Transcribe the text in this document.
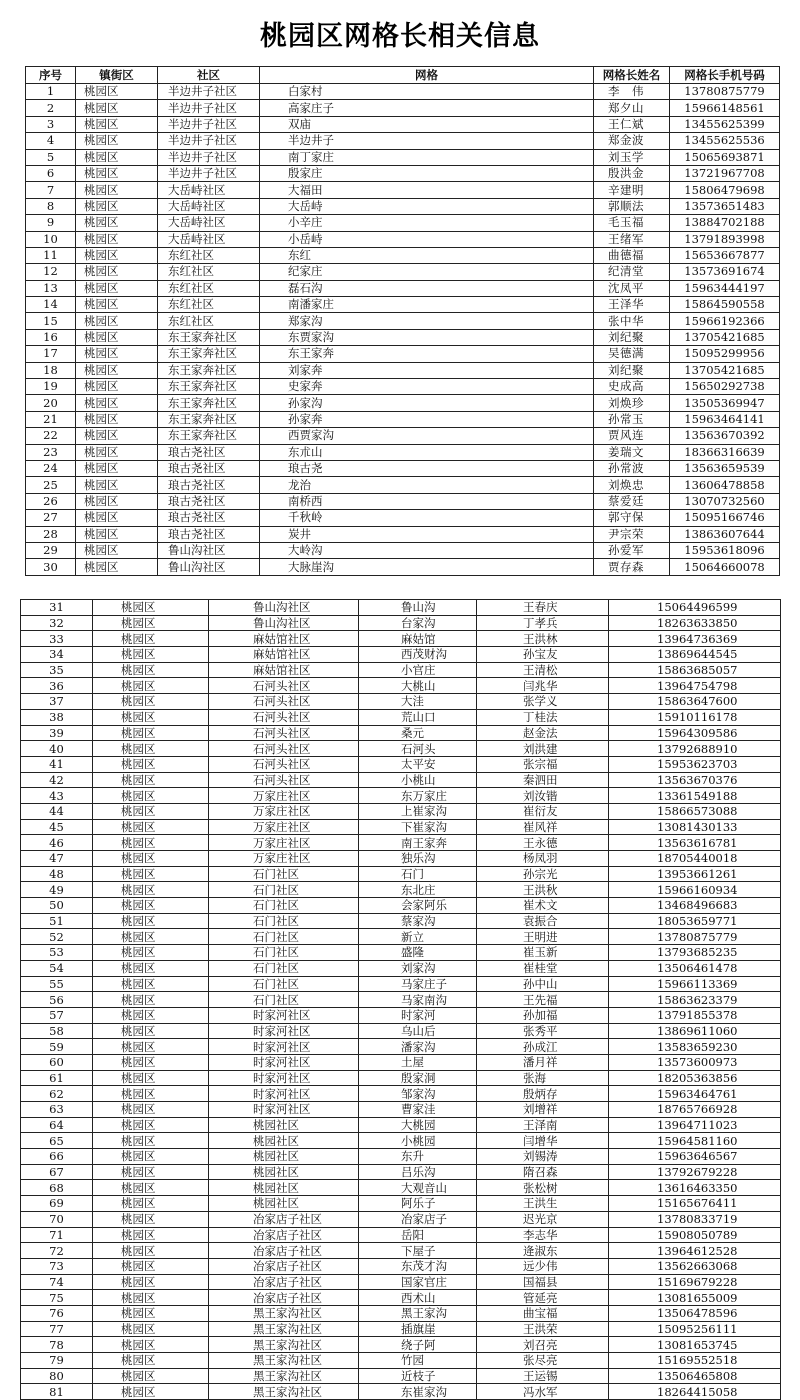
桃园区网格长相关信息
序号	镇街区	社区	网格	网格长姓名	网格长手机号码
1	桃园区	半边井子社区	白家村	李　伟	13780875779
2	桃园区	半边井子社区	高家庄子	郑夕山	15966148561
3	桃园区	半边井子社区	双庙	王仁斌	13455625399
4	桃园区	半边井子社区	半边井子	郑金波	13455625536
5	桃园区	半边井子社区	南丁家庄	刘玉学	15065693871
6	桃园区	半边井子社区	殷家庄	殷洪金	13721967708
7	桃园区	大岳峙社区	大福田	辛建明	15806479698
8	桃园区	大岳峙社区	大岳峙	郭顺法	13573651483
9	桃园区	大岳峙社区	小辛庄	毛玉福	13884702188
10	桃园区	大岳峙社区	小岳峙	王绪军	13791893998
11	桃园区	东红社区	东红	曲德福	15653667877
12	桃园区	东红社区	纪家庄	纪清堂	13573691674
13	桃园区	东红社区	磊石沟	沈凤平	15963444197
14	桃园区	东红社区	南潘家庄	王泽华	15864590558
15	桃园区	东红社区	郑家沟	张中华	15966192366
16	桃园区	东王家奔社区	东贾家沟	刘纪聚	13705421685
17	桃园区	东王家奔社区	东王家奔	吴德满	15095299956
18	桃园区	东王家奔社区	刘家奔	刘纪聚	13705421685
19	桃园区	东王家奔社区	史家奔	史成高	15650292738
20	桃园区	东王家奔社区	孙家沟	刘焕珍	13505369947
21	桃园区	东王家奔社区	孙家奔	孙常玉	15963464141
22	桃园区	东王家奔社区	西贾家沟	贾风连	13563670392
23	桃园区	琅古尧社区	东朮山	姜瑞文	18366316639
24	桃园区	琅古尧社区	琅古尧	孙常波	13563659539
25	桃园区	琅古尧社区	龙治	刘焕忠	13606478858
26	桃园区	琅古尧社区	南桥西	蔡爱廷	13070732560
27	桃园区	琅古尧社区	千秋岭	郭守保	15095166746
28	桃园区	琅古尧社区	炭井	尹宗荣	13863607644
29	桃园区	鲁山沟社区	大岭沟	孙爱军	15953618096
30	桃园区	鲁山沟社区	大脉崖沟	贾存森	15064660078
31	桃园区	鲁山沟社区	鲁山沟	王春庆	15064496599
32	桃园区	鲁山沟社区	台家沟	丁孝兵	18263633850
33	桃园区	麻姑馆社区	麻姑馆	王洪林	13964736369
34	桃园区	麻姑馆社区	西茂财沟	孙宝友	13869644545
35	桃园区	麻姑馆社区	小官庄	王清松	15863685057
36	桃园区	石河头社区	大桃山	闫兆华	13964754798
37	桃园区	石河头社区	大洼	张学义	15863647600
38	桃园区	石河头社区	荒山口	丁桂法	15910116178
39	桃园区	石河头社区	桑元	赵金法	15964309586
40	桃园区	石河头社区	石河头	刘洪建	13792688910
41	桃园区	石河头社区	太平安	张宗福	15953623703
42	桃园区	石河头社区	小桃山	秦泗田	13563670376
43	桃园区	万家庄社区	东万家庄	刘汝锴	13361549188
44	桃园区	万家庄社区	上崔家沟	崔衍友	15866573088
45	桃园区	万家庄社区	下崔家沟	崔风祥	13081430133
46	桃园区	万家庄社区	南王家奔	王永德	13563616781
47	桃园区	万家庄社区	独乐沟	杨凤羽	18705440018
48	桃园区	石门社区	石门	孙宗光	13953661261
49	桃园区	石门社区	东北庄	王洪秋	15966160934
50	桃园区	石门社区	会家阿乐	崔术文	13468496683
51	桃园区	石门社区	蔡家沟	袁振合	18053659771
52	桃园区	石门社区	新立	王明进	13780875779
53	桃园区	石门社区	盛隆	崔玉新	13793685235
54	桃园区	石门社区	刘家沟	崔桂堂	13506461478
55	桃园区	石门社区	马家庄子	孙中山	15966113369
56	桃园区	石门社区	马家南沟	王先福	15863623379
57	桃园区	时家河社区	时家河	孙加福	13791855378
58	桃园区	时家河社区	乌山后	张秀平	13869611060
59	桃园区	时家河社区	潘家沟	孙成江	13583659230
60	桃园区	时家河社区	土屋	潘月祥	13573600973
61	桃园区	时家河社区	殷家洞	张海	18205363856
62	桃园区	时家河社区	邹家沟	殷炳存	15963464761
63	桃园区	时家河社区	曹家洼	刘增祥	18765766928
64	桃园区	桃园社区	大桃园	王泽南	13964711023
65	桃园区	桃园社区	小桃园	闫增华	15964581160
66	桃园区	桃园社区	东升	刘锡涛	15963646567
67	桃园区	桃园社区	吕乐沟	隋召森	13792679228
68	桃园区	桃园社区	大观音山	张松树	13616463350
69	桃园区	桃园社区	阿乐子	王洪生	15165676411
70	桃园区	冶家店子社区	冶家店子	迟光京	13780833719
71	桃园区	冶家店子社区	岳阳	李志华	15908050789
72	桃园区	冶家店子社区	下屋子	逄淑东	13964612528
73	桃园区	冶家店子社区	东茂才沟	远少伟	13562663068
74	桃园区	冶家店子社区	国家官庄	国福县	15169679228
75	桃园区	冶家店子社区	西术山	管延亮	13081655009
76	桃园区	黑王家沟社区	黑王家沟	曲宝福	13506478596
77	桃园区	黑王家沟社区	插旗崖	王洪荣	15095256111
78	桃园区	黑王家沟社区	绕子阿	刘召亮	13081653745
79	桃园区	黑王家沟社区	竹园	张尽亮	15169552518
80	桃园区	黑王家沟社区	近枝子	王运锡	13506465808
81	桃园区	黑王家沟社区	东崔家沟	冯水军	18264415058
